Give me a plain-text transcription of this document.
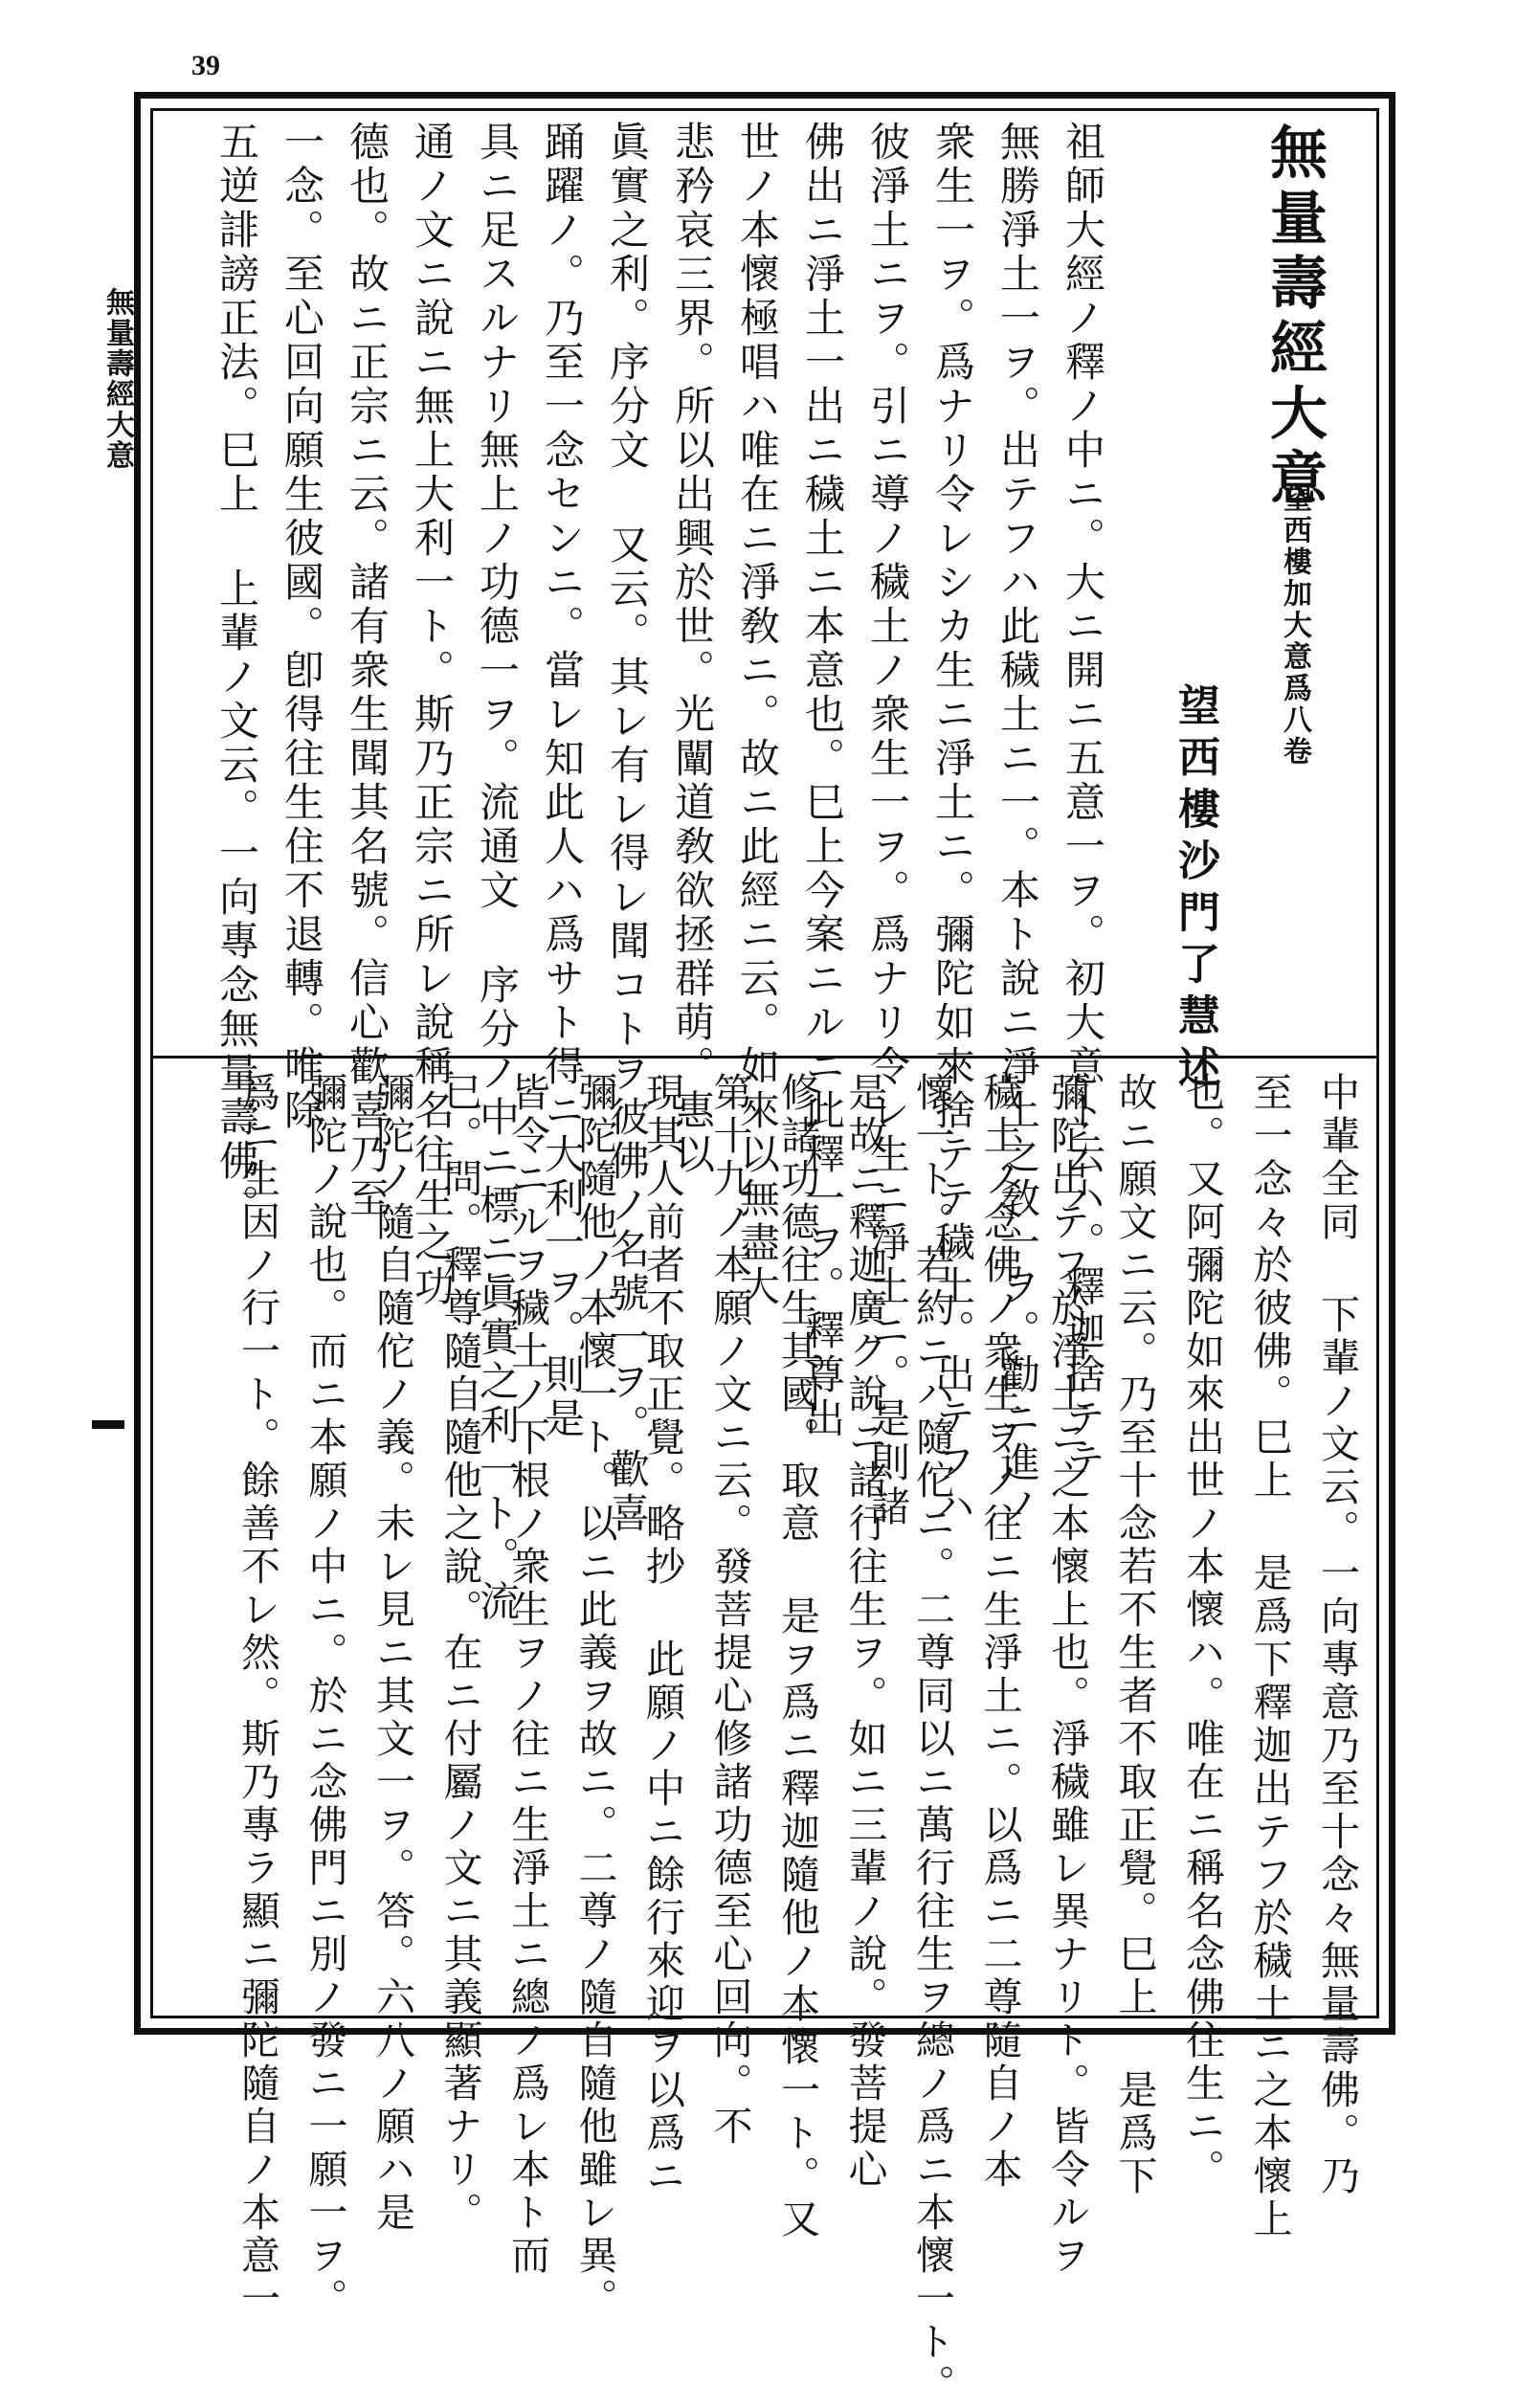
39
無量壽經大意	無量壽經大意
望西樓加大意爲八卷
望西樓沙門了慧述
祖師大經ノ釋ノ中ニ。大ニ開ニ五意一ヲ。初大意ト云ハ。釋迦捨テテ
無勝淨土一ヲ。出テフハ此穢土ニ一。本ト說ニ淨土之敎一ヲ。勸ニ進ノ
衆生一ヲ。爲ナリ令レシカ生ニ淨土ニ。彌陀如來捨テテ穢土。出テフハ
彼淨土ニヲ。引ニ導ノ穢土ノ衆生一ヲ。爲ナリ令レ生ニ淨土ニ。是則諸
佛出ニ淨土一出ニ穢土ニ本意也。巳上今案ニルニ此釋一ヲ。釋尊出
世ノ本懷極唱ハ唯在ニ淨敎ニ。故ニ此經ニ云。如來以無盡大
悲矜哀三界。所以出興於世。光闡道敎欲拯群萌。惠以
眞實之利。序分文 又云。其レ有レ得レ聞コトヲ彼佛ノ名號一ヲ。歡喜
踊躍ノ。乃至一念センニ。當レ知此人ハ爲サト得ニ大利一ヲ。則是
具ニ足スルナリ無上ノ功德一ヲ。流通文 序分ノ中ニ標ニ眞實之利一ト。流
通ノ文ニ說ニ無上大利一ト。斯乃正宗ニ所レ說稱名往生之功
德也。故ニ正宗ニ云。諸有衆生聞其名號。信心歡喜乃至
一念。至心回向願生彼國。卽得往生住不退轉。唯除
五逆誹謗正法。巳上 上輩ノ文云。一向專念無量壽佛。
中輩全同 下輩ノ文云。一向專意乃至十念々無量壽佛。乃
至一念々於彼佛。巳上 是爲下釋迦出テフ於穢土ニ之本懷上
也。又阿彌陀如來出世ノ本懷ハ。唯在ニ稱名念佛往生ニ。
故ニ願文ニ云。乃至十念若不生者不取正覺。巳上 是爲下
彌陀出テフ於淨土ニ之本懷上也。淨穢雖レ異ナリト。皆令ルヲ
穢土ノ念佛ノ衆生ヲノ往ニ生淨土ニ。以爲ニ二尊隨自ノ本
懷一ト。若約ニハ隨佗ニ。二尊同以ニ萬行往生ヲ總ノ爲ニ本懷一ト。
是故ニ釋迦廣ク說ニ諸行往生ヲ。如ニ三輩ノ說。發菩提心
修諸功德往生其國。取意 是ヲ爲ニ釋迦隨他ノ本懷一ト。又
第十九ノ本願ノ文ニ云。發菩提心修諸功德至心回向。不
現其人前者不取正覺。略抄 此願ノ中ニ餘行來迎ヲ以爲ニ
彌陀隨他ノ本懷一ト。以ニ此義ヲ故ニ。二尊ノ隨自隨他雖レ異。
皆令ニルヲ穢土ノ下根ノ衆生ヲノ往ニ生淨土ニ總ノ爲レ本ト而
已。問。釋尊隨自隨他之說。在ニ付屬ノ文ニ其義顯著ナリ。
彌陀ノ隨自隨佗ノ義。未レ見ニ其文一ヲ。答。六八ノ願ハ是
彌陀ノ說也。而ニ本願ノ中ニ。於ニ念佛門ニ別ノ發ニ一願一ヲ。
爲ニ生因ノ行一ト。餘善不レ然。斯乃專ラ顯ニ彌陀隨自ノ本意一
